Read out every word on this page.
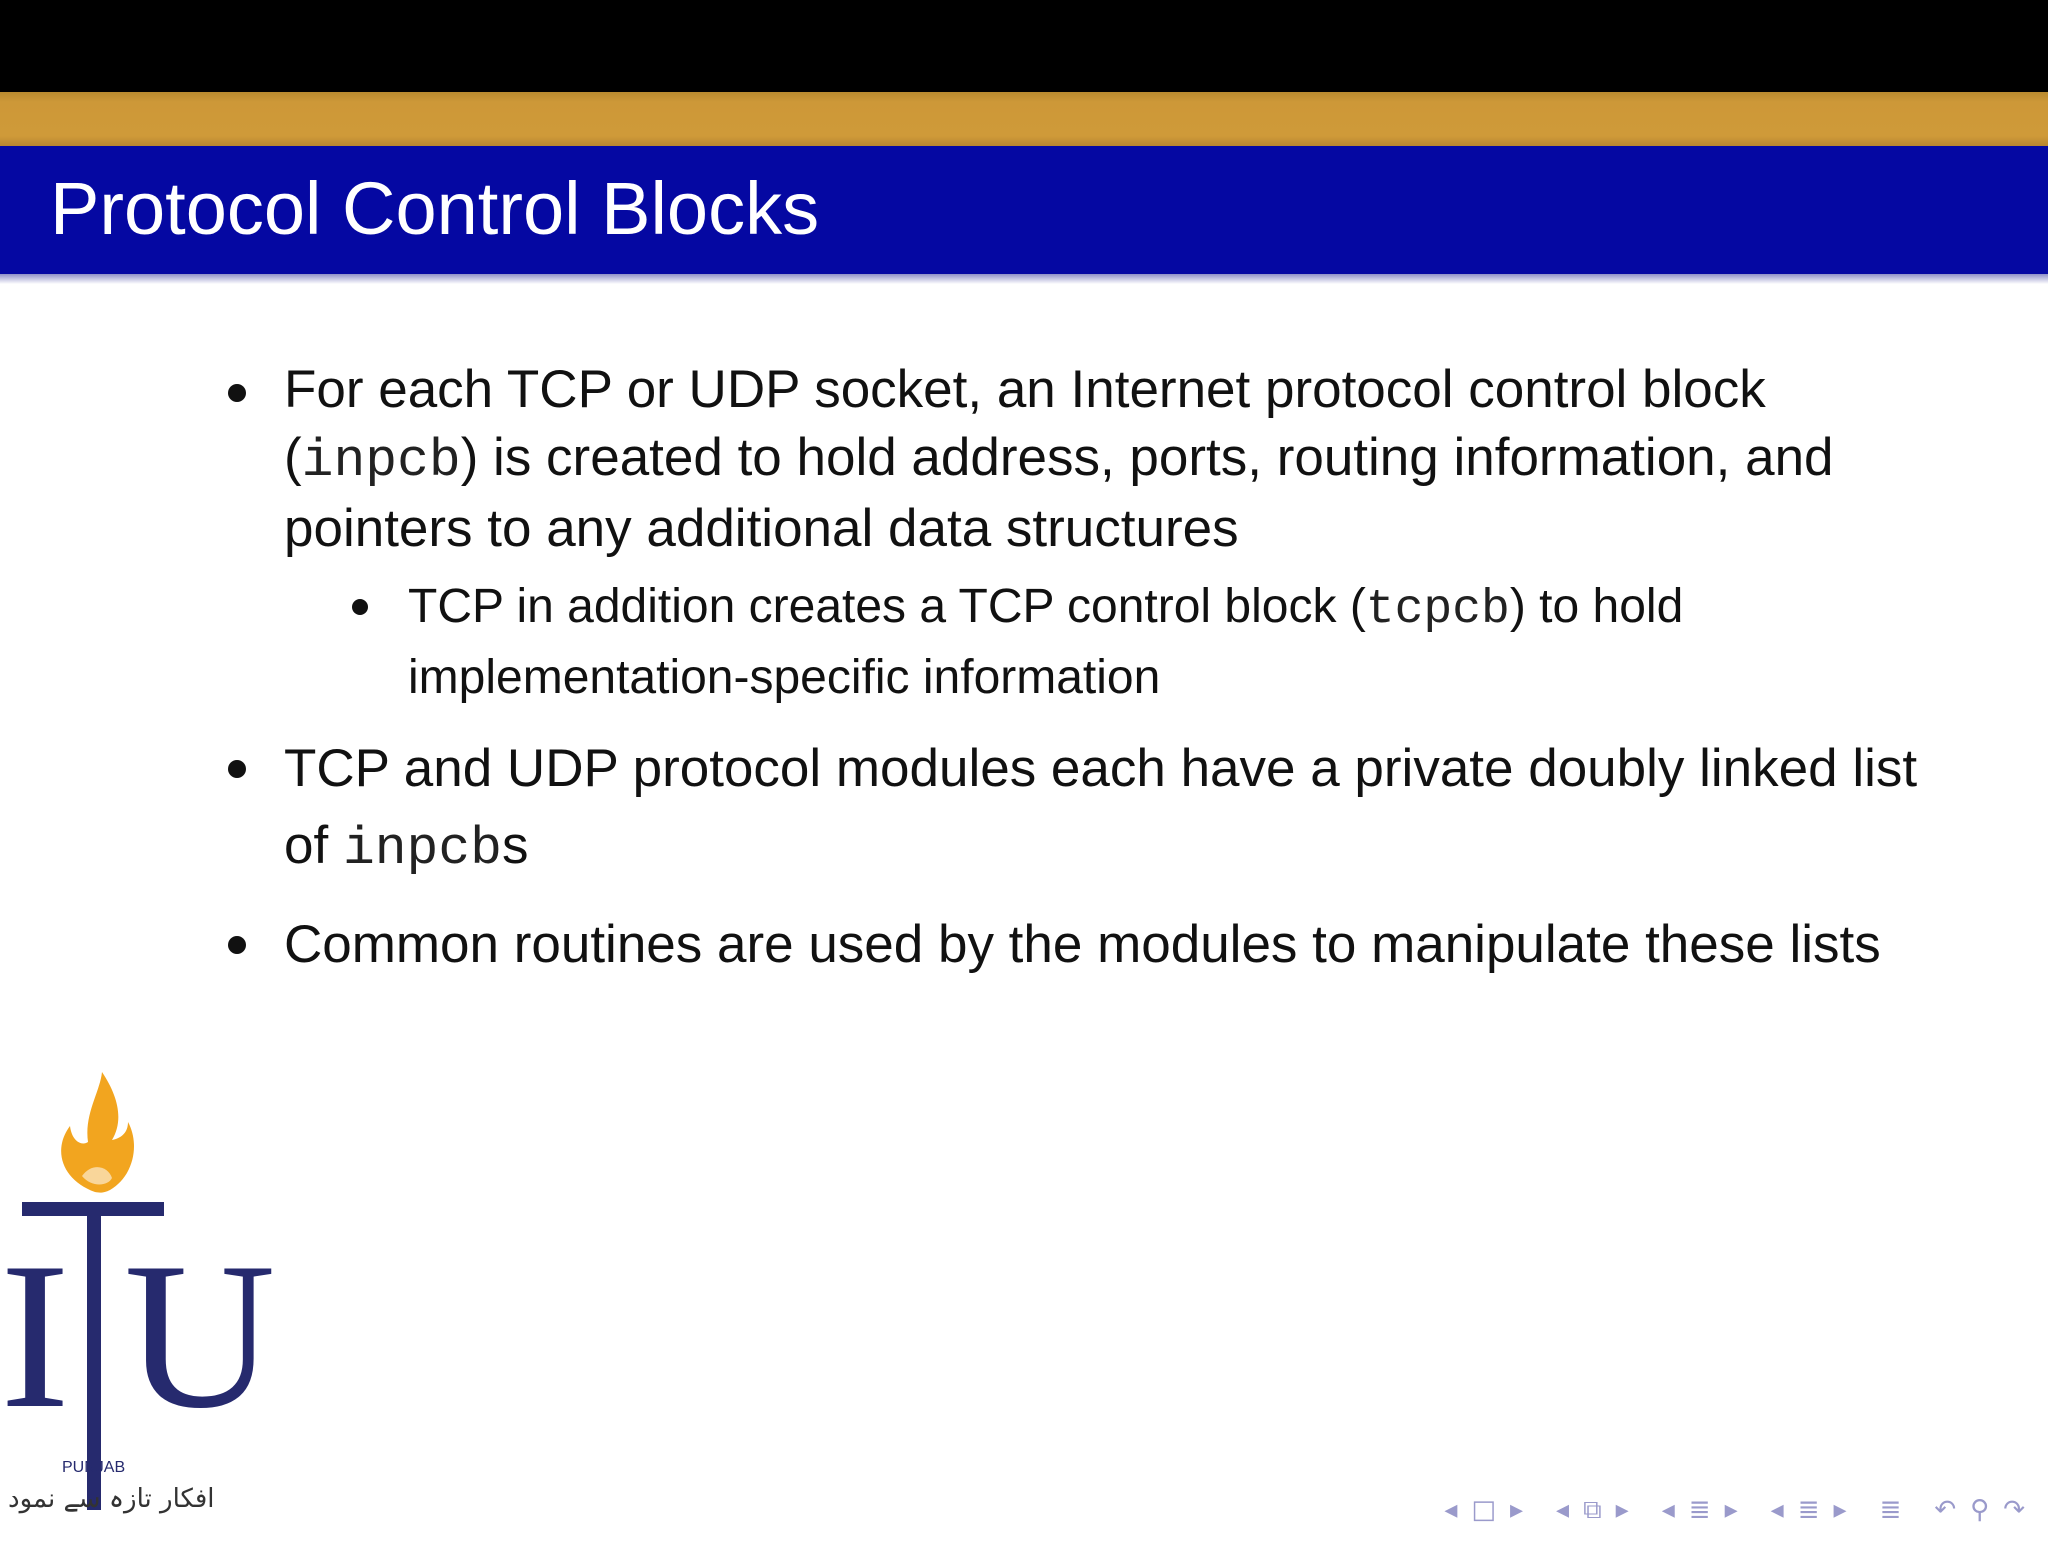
Protocol Control Blocks
For each TCP or UDP socket, an Internet protocol control block (inpcb) is created to hold address, ports, routing information, and pointers to any additional data structures
TCP in addition creates a TCP control block (tcpcb) to hold implementation-specific information
TCP and UDP protocol modules each have a private doubly linked list of inpcbs
Common routines are used by the modules to manipulate these lists
I U
PUNJAB
افکار تازہ سے نمود	◂ □ ▸ ◂ ⧉ ▸ ◂ ≣ ▸ ◂ ≣ ▸ ≣ ↶ ⚲ ↷
